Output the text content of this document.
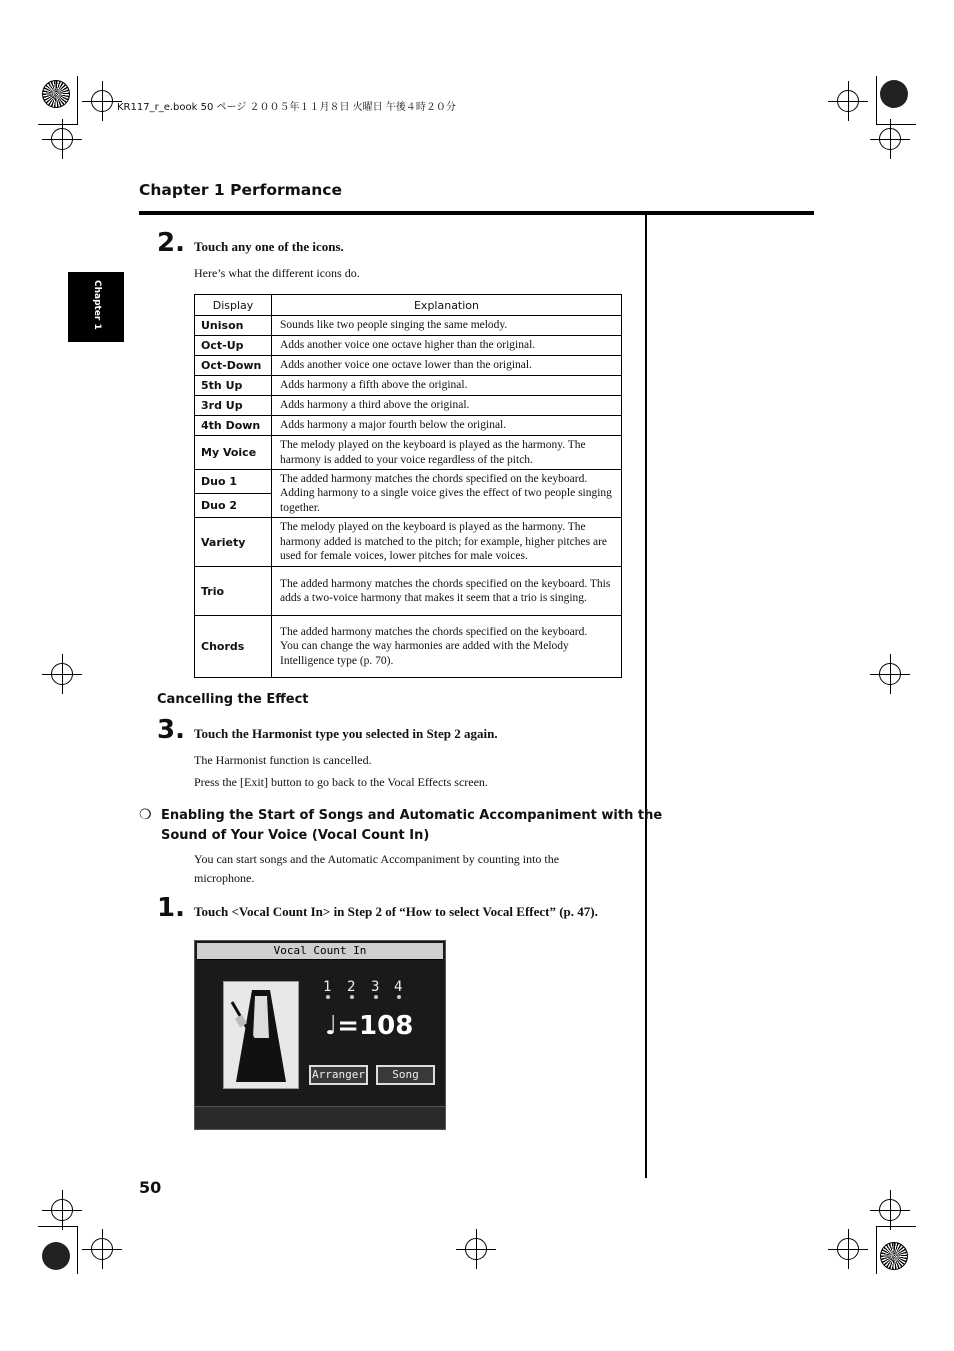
KR117_r_e.book 50 ページ ２００５年１１月８日 火曜日 午後４時２０分
Chapter 1
Chapter 1 Performance
2. Touch any one of the icons.
Here’s what the different icons do.
Display	Explanation
Unison	Sounds like two people singing the same melody.
Oct-Up	Adds another voice one octave higher than the original.
Oct-Down	Adds another voice one octave lower than the original.
5th Up	Adds harmony a fifth above the original.
3rd Up	Adds harmony a third above the original.
4th Down	Adds harmony a major fourth below the original.
My Voice	The melody played on the keyboard is played as the harmony. The harmony is added to your voice regardless of the pitch.
Duo 1	The added harmony matches the chords specified on the keyboard. Adding harmony to a single voice gives the effect of two people singing together.
Duo 2	
Variety	The melody played on the keyboard is played as the harmony. The harmony added is matched to the pitch; for example, higher pitches are used for female voices, lower pitches for male voices.
Trio	The added harmony matches the chords specified on the keyboard. This adds a two-voice harmony that makes it seem that a trio is singing.
Chords	The added harmony matches the chords specified on the keyboard.
You can change the way harmonies are added with the Melody Intelligence type (p. 70).
Cancelling the Effect
3. Touch the Harmonist type you selected in Step 2 again.
The Harmonist function is cancelled.
Press the [Exit] button to go back to the Vocal Effects screen.
❍ Enabling the Start of Songs and Automatic Accompaniment with the
Sound of Your Voice (Vocal Count In)
You can start songs and the Automatic Accompaniment by counting into the
microphone.
1. Touch <Vocal Count In> in Step 2 of “How to select Vocal Effect” (p. 47).
Vocal Count In
1 2 3 4
♩=108
Arranger	Song
50
